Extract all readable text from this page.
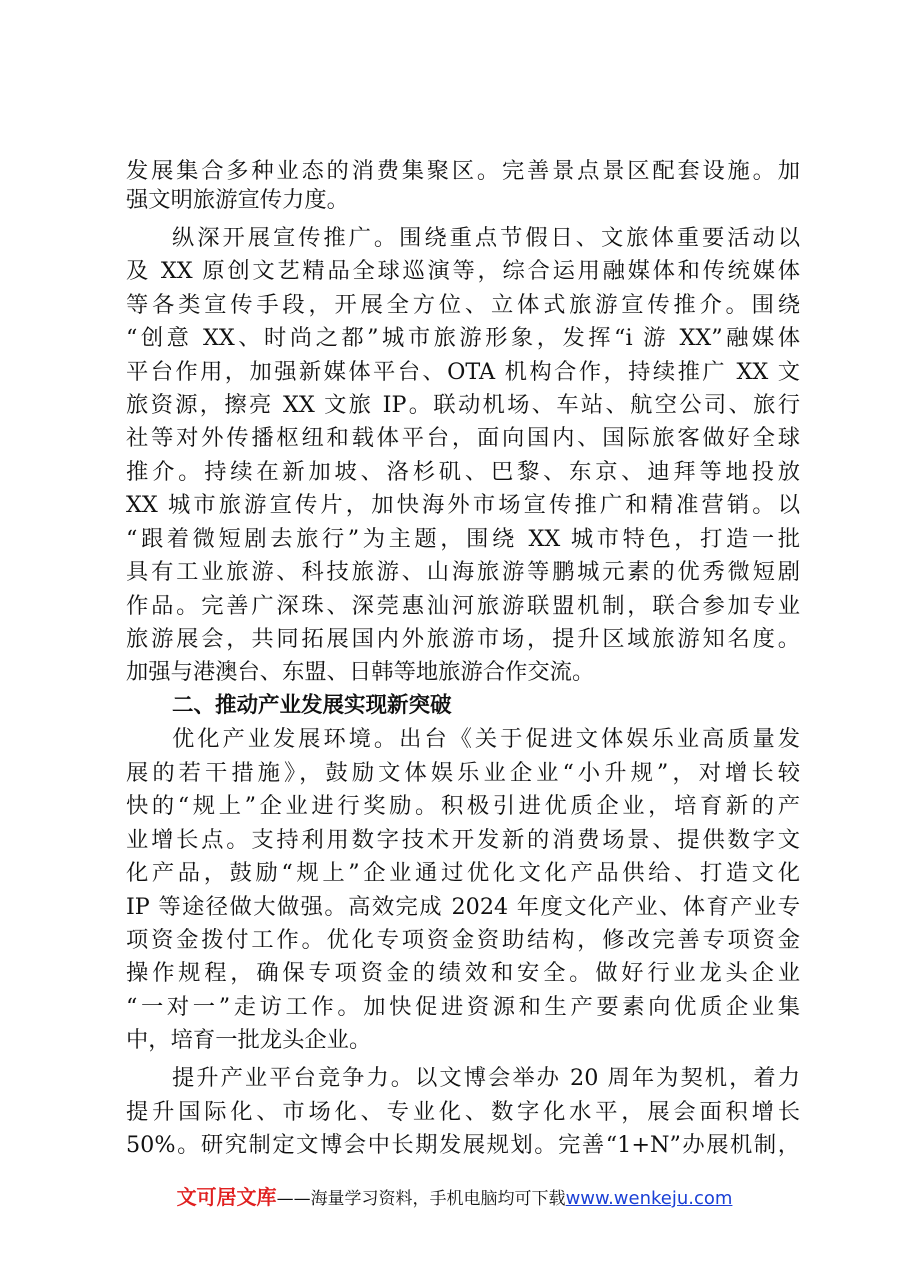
发展集合多种业态的消费集聚区。完善景点景区配套设施。加
强文明旅游宣传力度。
纵深开展宣传推广。围绕重点节假日、文旅体重要活动以
及 XX 原创文艺精品全球巡演等，综合运用融媒体和传统媒体
等各类宣传手段，开展全方位、立体式旅游宣传推介。围绕
“创意 XX、时尚之都”城市旅游形象，发挥“i 游 XX”融媒体
平台作用，加强新媒体平台、OTA 机构合作，持续推广 XX 文
旅资源，擦亮 XX 文旅 IP。联动机场、车站、航空公司、旅行
社等对外传播枢纽和载体平台，面向国内、国际旅客做好全球
推介。持续在新加坡、洛杉矶、巴黎、东京、迪拜等地投放
XX 城市旅游宣传片，加快海外市场宣传推广和精准营销。以
“跟着微短剧去旅行”为主题，围绕 XX 城市特色，打造一批
具有工业旅游、科技旅游、山海旅游等鹏城元素的优秀微短剧
作品。完善广深珠、深莞惠汕河旅游联盟机制，联合参加专业
旅游展会，共同拓展国内外旅游市场，提升区域旅游知名度。
加强与港澳台、东盟、日韩等地旅游合作交流。
二、推动产业发展实现新突破
优化产业发展环境。出台《关于促进文体娱乐业高质量发
展的若干措施》，鼓励文体娱乐业企业“小升规”，对增长较
快的“规上”企业进行奖励。积极引进优质企业，培育新的产
业增长点。支持利用数字技术开发新的消费场景、提供数字文
化产品，鼓励“规上”企业通过优化文化产品供给、打造文化
IP 等途径做大做强。高效完成 2024 年度文化产业、体育产业专
项资金拨付工作。优化专项资金资助结构，修改完善专项资金
操作规程，确保专项资金的绩效和安全。做好行业龙头企业
“一对一”走访工作。加快促进资源和生产要素向优质企业集
中，培育一批龙头企业。
提升产业平台竞争力。以文博会举办 20 周年为契机，着力
提升国际化、市场化、专业化、数字化水平，展会面积增长
50%。研究制定文博会中长期发展规划。完善“1+N”办展机制，
文可居文库——海量学习资料，手机电脑均可下载www.wenkeju.com
